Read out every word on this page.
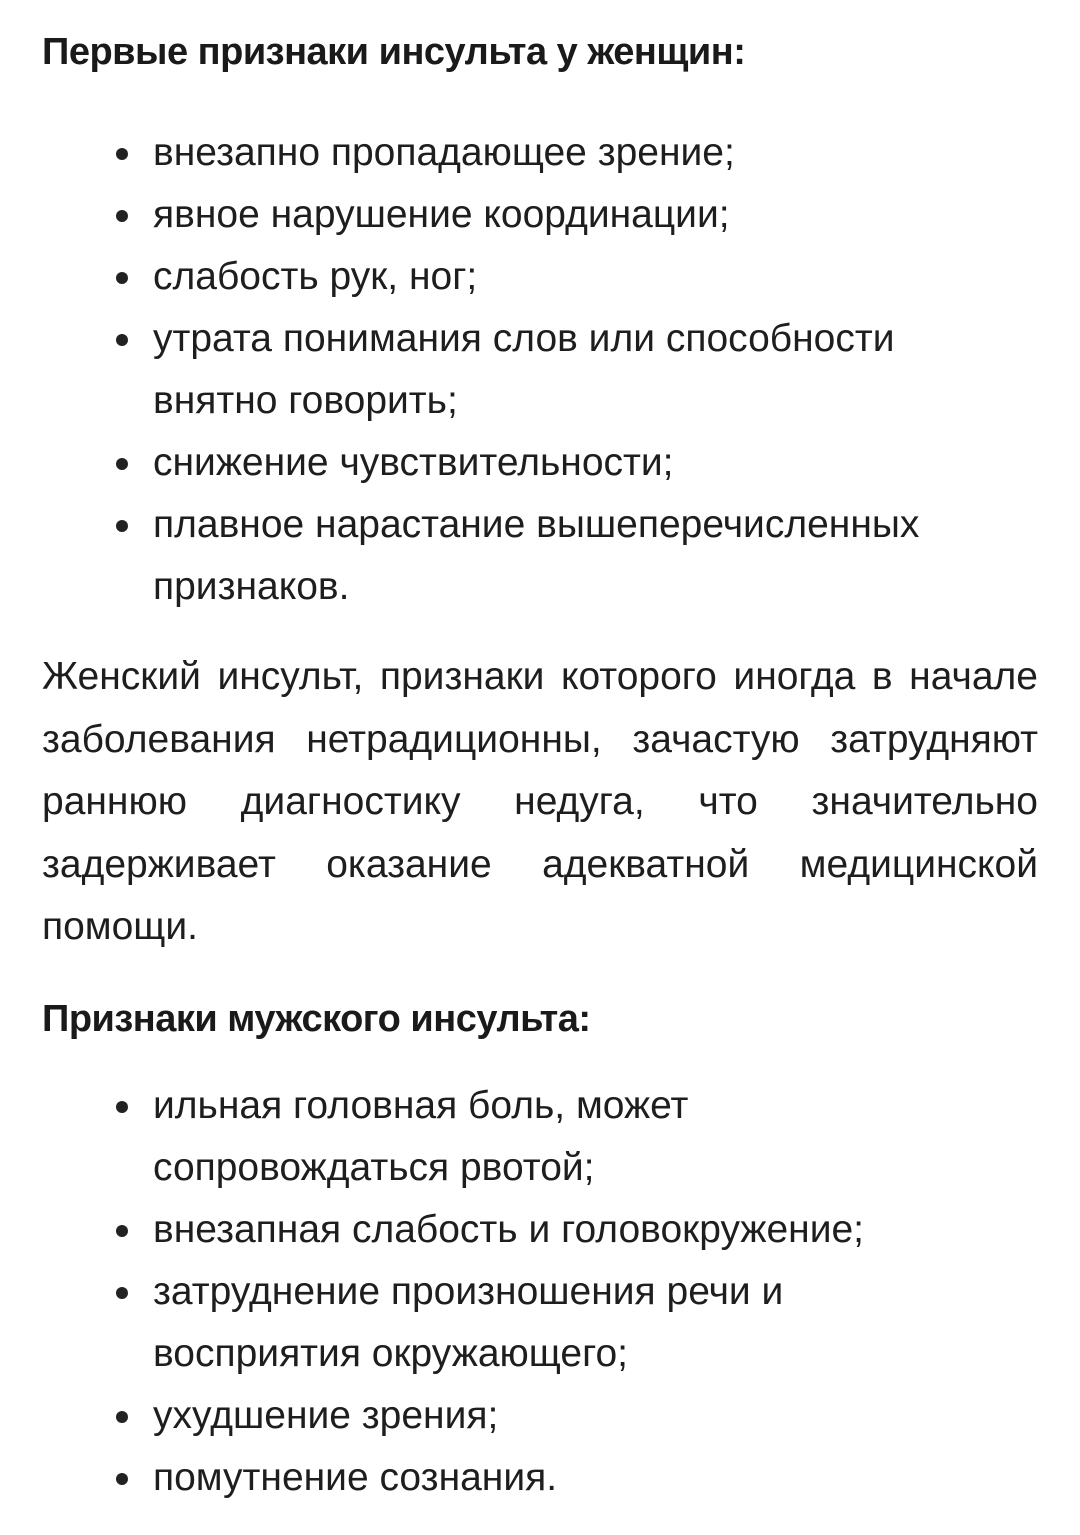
Первые признаки инсульта у женщин:
внезапно пропадающее зрение;
явное нарушение координации;
слабость рук, ног;
утрата понимания слов или способности внятно говорить;
снижение чувствительности;
плавное нарастание вышеперечисленных признаков.

Женский инсульт, признаки которого иногда в начале заболевания нетрадиционны, зачастую затрудняют раннюю диагностику недуга, что значительно задерживает оказание адекватной медицинской помощи.

Признаки мужского инсульта:
ильная головная боль, может сопровождаться рвотой;
внезапная слабость и головокружение;
затруднение произношения речи и восприятия окружающего;
ухудшение зрения;
помутнение сознания.
